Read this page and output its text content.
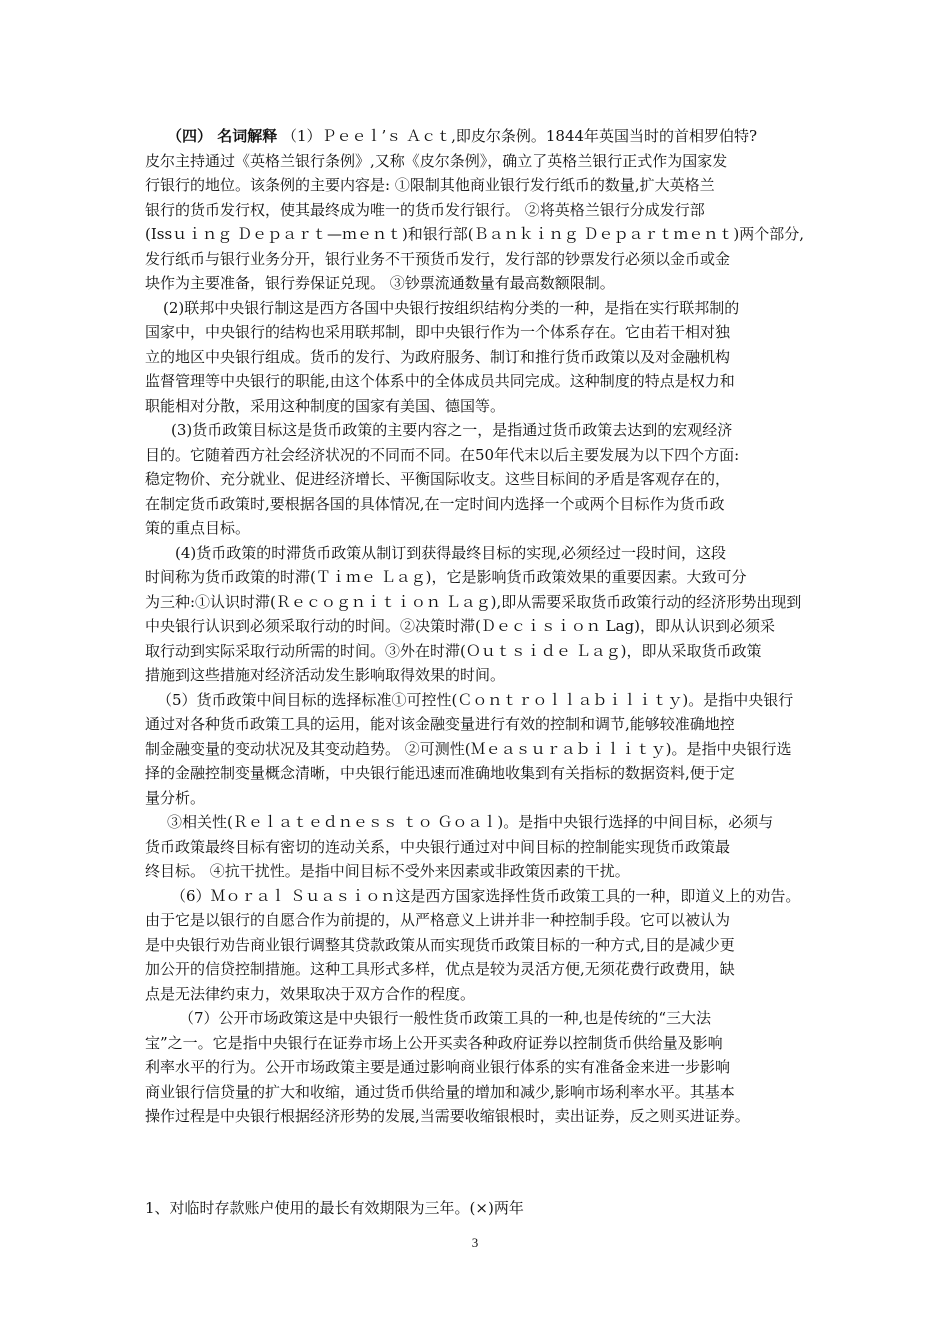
（四） 名词解释 （1）Ｐｅｅｌ’ｓ Ａｃｔ,即皮尔条例。1844年英国当时的首相罗伯特?
皮尔主持通过《英格兰银行条例》,又称《皮尔条例》，确立了英格兰银行正式作为国家发
行银行的地位。该条例的主要内容是: ①限制其他商业银行发行纸币的数量,扩大英格兰
银行的货币发行权，使其最终成为唯一的货币发行银行。 ②将英格兰银行分成发行部
(Issｕｉｎｇ Ｄｅｐａｒｔ—ｍｅｎｔ)和银行部(Ｂａｎｋｉｎｇ Ｄｅｐａｒｔｍｅｎｔ)两个部分,
发行纸币与银行业务分开，银行业务不干预货币发行，发行部的钞票发行必须以金币或金
块作为主要准备，银行券保证兑现。 ③钞票流通数量有最高数额限制。
(2)联邦中央银行制这是西方各国中央银行按组织结构分类的一种，是指在实行联邦制的
国家中，中央银行的结构也采用联邦制，即中央银行作为一个体系存在。它由若干相对独
立的地区中央银行组成。货币的发行、为政府服务、制订和推行货币政策以及对金融机构
监督管理等中央银行的职能,由这个体系中的全体成员共同完成。这种制度的特点是权力和
职能相对分散，采用这种制度的国家有美国、德国等。
(3)货币政策目标这是货币政策的主要内容之一，是指通过货币政策去达到的宏观经济
目的。它随着西方社会经济状况的不同而不同。在50年代末以后主要发展为以下四个方面:
稳定物价、充分就业、促进经济增长、平衡国际收支。这些目标间的矛盾是客观存在的，
在制定货币政策时,要根据各国的具体情况,在一定时间内选择一个或两个目标作为货币政
策的重点目标。
(4)货币政策的时滞货币政策从制订到获得最终目标的实现,必须经过一段时间，这段
时间称为货币政策的时滞(Ｔｉｍｅ Ｌａｇ)，它是影响货币政策效果的重要因素。大致可分
为三种:①认识时滞(Ｒｅｃｏｇｎｉｔｉｏｎ Ｌａｇ),即从需要采取货币政策行动的经济形势出现到
中央银行认识到必须采取行动的时间。②决策时滞(Ｄｅｃｉｓｉｏｎ Lag)，即从认识到必须采
取行动到实际采取行动所需的时间。③外在时滞(Ｏｕｔｓｉｄｅ Ｌａｇ)，即从采取货币政策
措施到这些措施对经济活动发生影响取得效果的时间。
（5）货币政策中间目标的选择标准①可控性(Ｃｏｎｔｒｏｌｌａｂｉｌｉｔｙ)。是指中央银行
通过对各种货币政策工具的运用，能对该金融变量进行有效的控制和调节,能够较准确地控
制金融变量的变动状况及其变动趋势。 ②可测性(Ｍｅａｓｕｒａｂｉｌｉｔｙ)。是指中央银行选
择的金融控制变量概念清晰，中央银行能迅速而准确地收集到有关指标的数据资料,便于定
量分析。
③相关性(Ｒｅｌａｔｅｄｎｅｓｓ ｔｏ Ｇｏａｌ)。是指中央银行选择的中间目标，必须与
货币政策最终目标有密切的连动关系，中央银行通过对中间目标的控制能实现货币政策最
终目标。 ④抗干扰性。是指中间目标不受外来因素或非政策因素的干扰。
（6）Ｍｏｒａｌ Ｓｕａｓｉｏｎ这是西方国家选择性货币政策工具的一种，即道义上的劝告。
由于它是以银行的自愿合作为前提的，从严格意义上讲并非一种控制手段。它可以被认为
是中央银行劝告商业银行调整其贷款政策从而实现货币政策目标的一种方式,目的是减少更
加公开的信贷控制措施。这种工具形式多样，优点是较为灵活方便,无须花费行政费用，缺
点是无法律约束力，效果取决于双方合作的程度。
（7）公开市场政策这是中央银行一般性货币政策工具的一种,也是传统的“三大法
宝”之一。它是指中央银行在证券市场上公开买卖各种政府证券以控制货币供给量及影响
利率水平的行为。公开市场政策主要是通过影响商业银行体系的实有准备金来进一步影响
商业银行信贷量的扩大和收缩，通过货币供给量的增加和减少,影响市场利率水平。其基本
操作过程是中央银行根据经济形势的发展,当需要收缩银根时，卖出证券，反之则买进证券。
1、对临时存款账户使用的最长有效期限为三年。(×)两年
3
